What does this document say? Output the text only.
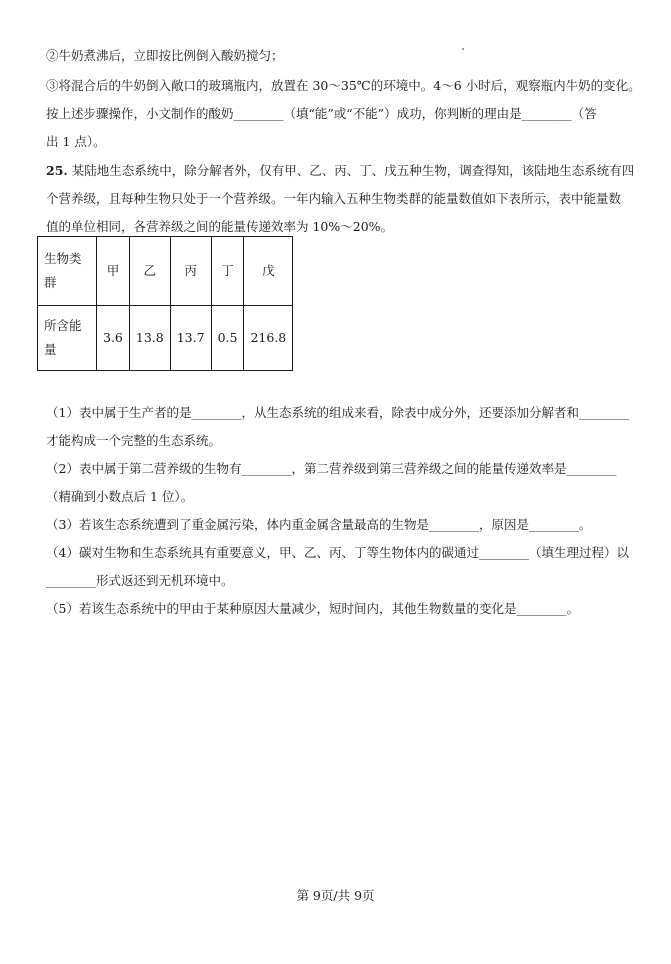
②牛奶煮沸后，立即按比例倒入酸奶搅匀；
③将混合后的牛奶倒入敞口的玻璃瓶内，放置在 30～35℃的环境中。4～6 小时后，观察瓶内牛奶的变化。
按上述步骤操作，小文制作的酸奶________（填“能”或“不能”）成功，你判断的理由是________（答
出 1 点）。
25. 某陆地生态系统中，除分解者外，仅有甲、乙、丙、丁、戊五种生物，调查得知，该陆地生态系统有四
个营养级，且每种生物只处于一个营养级。一年内输入五种生物类群的能量数值如下表所示，表中能量数
值的单位相同，各营养级之间的能量传递效率为 10%～20%。
生物类
群	甲	乙	丙	丁	戊
所含能
量	3.6	13.8	13.7	0.5	216.8
（1）表中属于生产者的是________，从生态系统的组成来看，除表中成分外，还要添加分解者和________
才能构成一个完整的生态系统。
（2）表中属于第二营养级的生物有________，第二营养级到第三营养级之间的能量传递效率是________
（精确到小数点后 1 位）。
（3）若该生态系统遭到了重金属污染，体内重金属含量最高的生物是________，原因是________。
（4）碳对生物和生态系统具有重要意义，甲、乙、丙、丁等生物体内的碳通过________（填生理过程）以
________形式返还到无机环境中。
（5）若该生态系统中的甲由于某种原因大量减少，短时间内，其他生物数量的变化是________。
第 9页/共 9页
